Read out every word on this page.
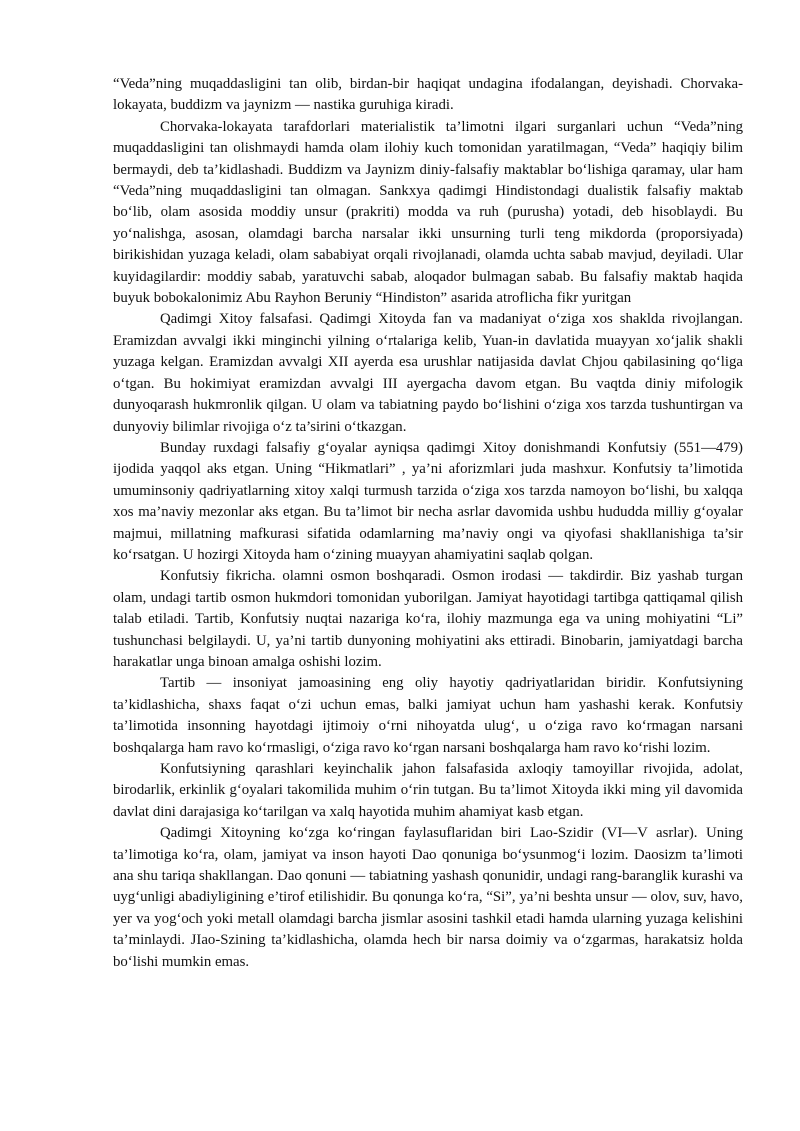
“Veda”ning muqaddasligini tan olib, birdan-bir haqiqat undagina ifodalangan, deyishadi. Chorvaka-lokayata, buddizm va jaynizm — nastika guruhiga kiradi.

Chorvaka-lokayata tarafdorlari materialistik ta’limotni ilgari surganlari uchun “Veda”ning muqaddasligini tan olishmaydi hamda olam ilohiy kuch tomonidan yaratilmagan, “Veda” haqiqiy bilim bermaydi, deb ta’kidlashadi. Buddizm va Jaynizm diniy-falsafiy maktablar bo‘lishiga qaramay, ular ham “Veda”ning muqaddasligini tan olmagan. Sankxya qadimgi Hindistondagi dualistik falsafiy maktab bo‘lib, olam asosida moddiy unsur (prakriti) modda va ruh (purusha) yotadi, deb hisoblaydi. Bu yo‘nalishga, asosan, olamdagi barcha narsalar ikki unsurning turli teng mikdorda (proporsiyada) birikishidan yuzaga keladi, olam sababiyat orqali rivojlanadi, olamda uchta sabab mavjud, deyiladi. Ular kuyidagilardir: moddiy sabab, yaratuvchi sabab, aloqador bulmagan sabab. Bu falsafiy maktab haqida buyuk bobokalonimiz Abu Rayhon Beruniy “Hindiston” asarida atroflicha fikr yuritgan

Qadimgi Xitoy falsafasi. Qadimgi Xitoyda fan va madaniyat o‘ziga xos shaklda rivojlangan. Eramizdan avvalgi ikki minginchi yilning o‘rtalariga kelib, Yuan-in davlatida muayyan xo‘jalik shakli yuzaga kelgan. Eramizdan avvalgi XII ayerda esa urushlar natijasida davlat Chjou qabilasining qo‘liga o‘tgan. Bu hokimiyat eramizdan avvalgi III ayergacha davom etgan. Bu vaqtda diniy mifologik dunyoqarash hukmronlik qilgan. U olam va tabiatning paydo bo‘lishini o‘ziga xos tarzda tushuntirgan va dunyoviy bilimlar rivojiga o‘z ta’sirini o‘tkazgan.

Bunday ruxdagi falsafiy g‘oyalar ayniqsa qadimgi Xitoy donishmandi Konfutsiy (551—479) ijodida yaqqol aks etgan. Uning “Hikmatlari” , ya’ni aforizmlari juda mashxur. Konfutsiy ta’limotida umuminsoniy qadriyatlarning xitoy xalqi turmush tarzida o‘ziga xos tarzda namoyon bo‘lishi, bu xalqqa xos ma’naviy mezonlar aks etgan. Bu ta’limot bir necha asrlar davomida ushbu hududda milliy g‘oyalar majmui, millatning mafkurasi sifatida odamlarning ma’naviy ongi va qiyofasi shakllanishiga ta’sir ko‘rsatgan. U hozirgi Xitoyda ham o‘zining muayyan ahamiyatini saqlab qolgan.

Konfutsiy fikricha. olamni osmon boshqaradi. Osmon irodasi — takdirdir. Biz yashab turgan olam, undagi tartib osmon hukmdori tomonidan yuborilgan. Jamiyat hayotidagi tartibga qattiqamal qilish talab etiladi. Tartib, Konfutsiy nuqtai nazariga ko‘ra, ilohiy mazmunga ega va uning mohiyatini “Li” tushunchasi belgilaydi. U, ya’ni tartib dunyoning mohiyatini aks ettiradi. Binobarin, jamiyatdagi barcha harakatlar unga binoan amalga oshishi lozim.

Tartib — insoniyat jamoasining eng oliy hayotiy qadriyatlaridan biridir. Konfutsiyning ta’kidlashicha, shaxs faqat o‘zi uchun emas, balki jamiyat uchun ham yashashi kerak. Konfutsiy ta’limotida insonning hayotdagi ijtimoiy o‘rni nihoyatda ulug‘, u o‘ziga ravo ko‘rmagan narsani boshqalarga ham ravo ko‘rmasligi, o‘ziga ravo ko‘rgan narsani boshqalarga ham ravo ko‘rishi lozim.

Konfutsiyning qarashlari keyinchalik jahon falsafasida axloqiy tamoyillar rivojida, adolat, birodarlik, erkinlik g‘oyalari takomilida muhim o‘rin tutgan. Bu ta’limot Xitoyda ikki ming yil davomida davlat dini darajasiga ko‘tarilgan va xalq hayotida muhim ahamiyat kasb etgan.

Qadimgi Xitoyning ko‘zga ko‘ringan faylasuflaridan biri Lao-Szidir (VI—V asrlar). Uning ta’limotiga ko‘ra, olam, jamiyat va inson hayoti Dao qonuniga bo‘ysunmog‘i lozim. Daosizm ta’limoti ana shu tariqa shakllangan. Dao qonuni — tabiatning yashash qonunidir, undagi rang-baranglik kurashi va uyg‘unligi abadiyligining e’tirof etilishidir. Bu qonunga ko‘ra, “Si”, ya’ni beshta unsur — olov, suv, havo, yer va yog‘och yoki metall olamdagi barcha jismlar asosini tashkil etadi hamda ularning yuzaga kelishini ta’minlaydi. JIao-Szining ta’kidlashicha, olamda hech bir narsa doimiy va o‘zgarmas, harakatsiz holda bo‘lishi mumkin emas.
